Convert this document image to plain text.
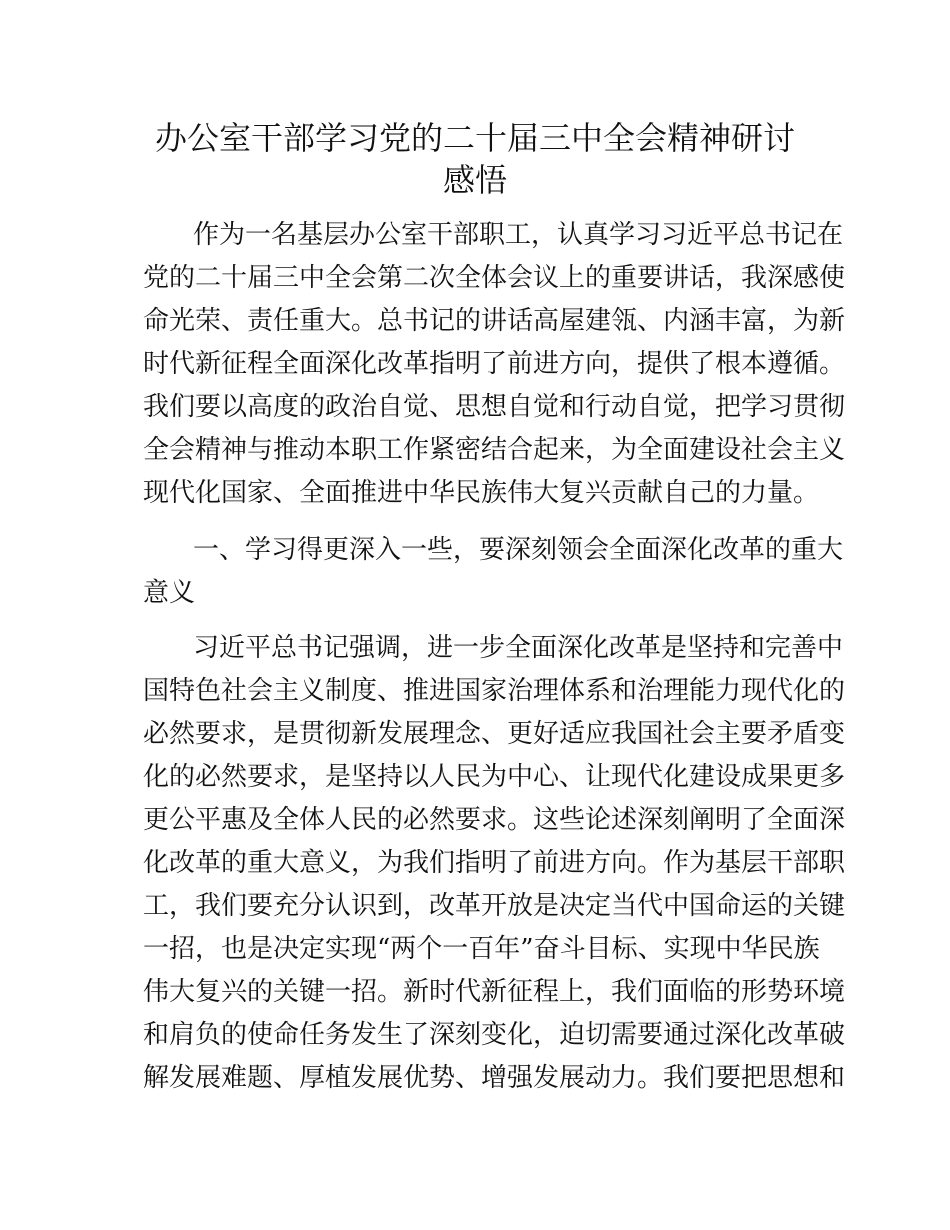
办公室干部学习党的二十届三中全会精神研讨
感悟
作为一名基层办公室干部职工，认真学习习近平总书记在
党的二十届三中全会第二次全体会议上的重要讲话，我深感使
命光荣、责任重大。总书记的讲话高屋建瓴、内涵丰富，为新
时代新征程全面深化改革指明了前进方向，提供了根本遵循。
我们要以高度的政治自觉、思想自觉和行动自觉，把学习贯彻
全会精神与推动本职工作紧密结合起来，为全面建设社会主义
现代化国家、全面推进中华民族伟大复兴贡献自己的力量。
一、学习得更深入一些，要深刻领会全面深化改革的重大
意义
习近平总书记强调，进一步全面深化改革是坚持和完善中
国特色社会主义制度、推进国家治理体系和治理能力现代化的
必然要求，是贯彻新发展理念、更好适应我国社会主要矛盾变
化的必然要求，是坚持以人民为中心、让现代化建设成果更多
更公平惠及全体人民的必然要求。这些论述深刻阐明了全面深
化改革的重大意义，为我们指明了前进方向。作为基层干部职
工，我们要充分认识到，改革开放是决定当代中国命运的关键
一招，也是决定实现“两个一百年”奋斗目标、实现中华民族
伟大复兴的关键一招。新时代新征程上，我们面临的形势环境
和肩负的使命任务发生了深刻变化，迫切需要通过深化改革破
解发展难题、厚植发展优势、增强发展动力。我们要把思想和
